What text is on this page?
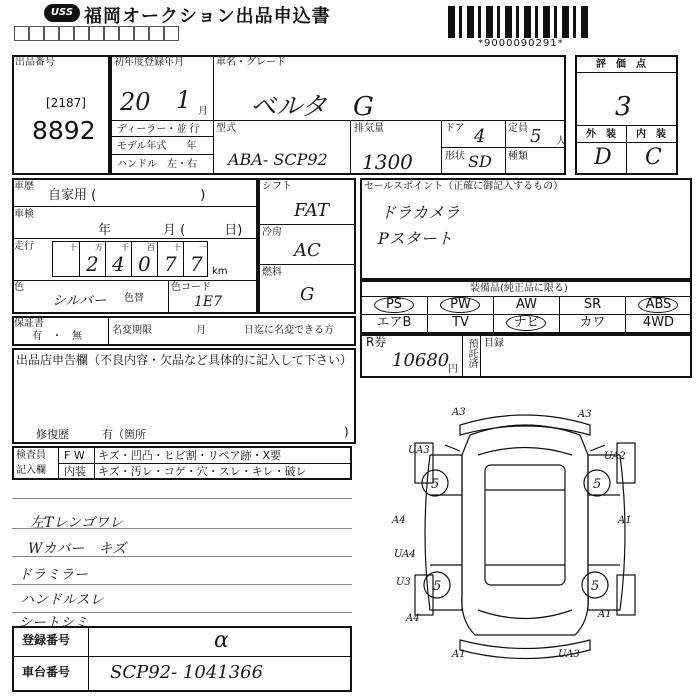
USS 福岡オークション出品申込書
*9000090291*
出品番号
[2187]
8892
初年度登録年月
20 1 月
ディーラー・並 行
モデル年式　　年
ハンドル　左・右
車名・グレード
ベルタ　G
型式
ABA- SCP92
排気量
1300
ドア 4 定員 5 人
形状 SD 種類
評　価　点
3
外　装 内　装
D C
車歴
自家用 (　　　　　　　　)
車検
年　　　　月 (　　　日)
走行	十 万
2
千
4
百
0
十
7
一
7 km
色
シルバー 色替
色コード
1E7
シフト
FAT
冷房
AC
燃料
G
セールスポイント（正確に御記入するもの）
ドラカメラ
Pスタート
装備品(純正品に限る)
PS	PW	AW	SR	ABS
エアB	TV	ナビ	カワ	4WD
R券
10680
円
預託済 目録
保証書
有　・　無
名変期限	月	日迄に名変できる方
出品店申告欄（不良内容・欠品など具体的に記入して下さい）
修復歴　　　有（箇所	)
検査員
記入欄
F W キズ・凹凸・ヒビ割・リペア跡・X要
内装 キズ・汚レ・コゲ・穴・スレ・キレ・破レ
左Tレンゴワレ
Wカバー　キズ
ドラミラー
ハンドルスレ
シートシミ
登録番号	α
車台番号 SCP92- 1041366
5	5
5	5
A3	A3
UA3
UA2
A1
A4
UA4
U3
A4	A1
A1	UA3
